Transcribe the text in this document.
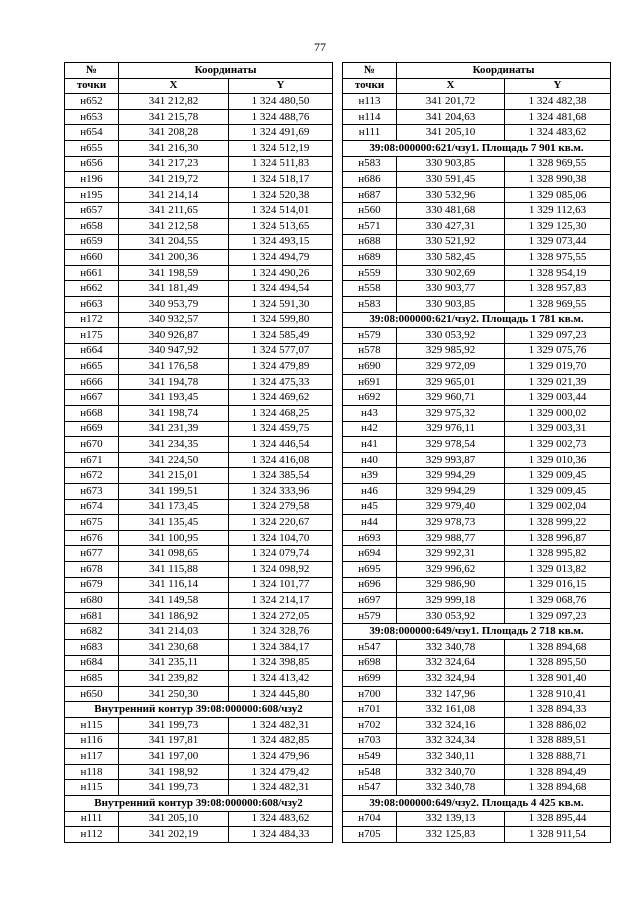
77
№	Координаты	
точки	X	Y
н652	341 212,82	1 324 480,50
н653	341 215,78	1 324 488,76
н654	341 208,28	1 324 491,69
н655	341 216,30	1 324 512,19
н656	341 217,23	1 324 511,83
н196	341 219,72	1 324 518,17
н195	341 214,14	1 324 520,38
н657	341 211,65	1 324 514,01
н658	341 212,58	1 324 513,65
н659	341 204,55	1 324 493,15
н660	341 200,36	1 324 494,79
н661	341 198,59	1 324 490,26
н662	341 181,49	1 324 494,54
н663	340 953,79	1 324 591,30
н172	340 932,57	1 324 599,80
н175	340 926,87	1 324 585,49
н664	340 947,92	1 324 577,07
н665	341 176,58	1 324 479,89
н666	341 194,78	1 324 475,33
н667	341 193,45	1 324 469,62
н668	341 198,74	1 324 468,25
н669	341 231,39	1 324 459,75
н670	341 234,35	1 324 446,54
н671	341 224,50	1 324 416,08
н672	341 215,01	1 324 385,54
н673	341 199,51	1 324 333,96
н674	341 173,45	1 324 279,58
н675	341 135,45	1 324 220,67
н676	341 100,95	1 324 104,70
н677	341 098,65	1 324 079,74
н678	341 115,88	1 324 098,92
н679	341 116,14	1 324 101,77
н680	341 149,58	1 324 214,17
н681	341 186,92	1 324 272,05
н682	341 214,03	1 324 328,76
н683	341 230,68	1 324 384,17
н684	341 235,11	1 324 398,85
н685	341 239,82	1 324 413,42
н650	341 250,30	1 324 445,80
Внутренний контур 39:08:000000:608/чзу2		
н115	341 199,73	1 324 482,31
н116	341 197,81	1 324 482,85
н117	341 197,00	1 324 479,96
н118	341 198,92	1 324 479,42
н115	341 199,73	1 324 482,31
Внутренний контур 39:08:000000:608/чзу2		
н111	341 205,10	1 324 483,62
н112	341 202,19	1 324 484,33
№	Координаты	
точки	X	Y
н113	341 201,72	1 324 482,38
н114	341 204,63	1 324 481,68
н111	341 205,10	1 324 483,62
39:08:000000:621/чзу1. Площадь 7 901 кв.м.		
н583	330 903,85	1 328 969,55
н686	330 591,45	1 328 990,38
н687	330 532,96	1 329 085,06
н560	330 481,68	1 329 112,63
н571	330 427,31	1 329 125,30
н688	330 521,92	1 329 073,44
н689	330 582,45	1 328 975,55
н559	330 902,69	1 328 954,19
н558	330 903,77	1 328 957,83
н583	330 903,85	1 328 969,55
39:08:000000:621/чзу2. Площадь 1 781 кв.м.		
н579	330 053,92	1 329 097,23
н578	329 985,92	1 329 075,76
н690	329 972,09	1 329 019,70
н691	329 965,01	1 329 021,39
н692	329 960,71	1 329 003,44
н43	329 975,32	1 329 000,02
н42	329 976,11	1 329 003,31
н41	329 978,54	1 329 002,73
н40	329 993,87	1 329 010,36
н39	329 994,29	1 329 009,45
н46	329 994,29	1 329 009,45
н45	329 979,40	1 329 002,04
н44	329 978,73	1 328 999,22
н693	329 988,77	1 328 996,87
н694	329 992,31	1 328 995,82
н695	329 996,62	1 329 013,82
н696	329 986,90	1 329 016,15
н697	329 999,18	1 329 068,76
н579	330 053,92	1 329 097,23
39:08:000000:649/чзу1. Площадь 2 718 кв.м.		
н547	332 340,78	1 328 894,68
н698	332 324,64	1 328 895,50
н699	332 324,94	1 328 901,40
н700	332 147,96	1 328 910,41
н701	332 161,08	1 328 894,33
н702	332 324,16	1 328 886,02
н703	332 324,34	1 328 889,51
н549	332 340,11	1 328 888,71
н548	332 340,70	1 328 894,49
н547	332 340,78	1 328 894,68
39:08:000000:649/чзу2. Площадь 4 425 кв.м.		
н704	332 139,13	1 328 895,44
н705	332 125,83	1 328 911,54
